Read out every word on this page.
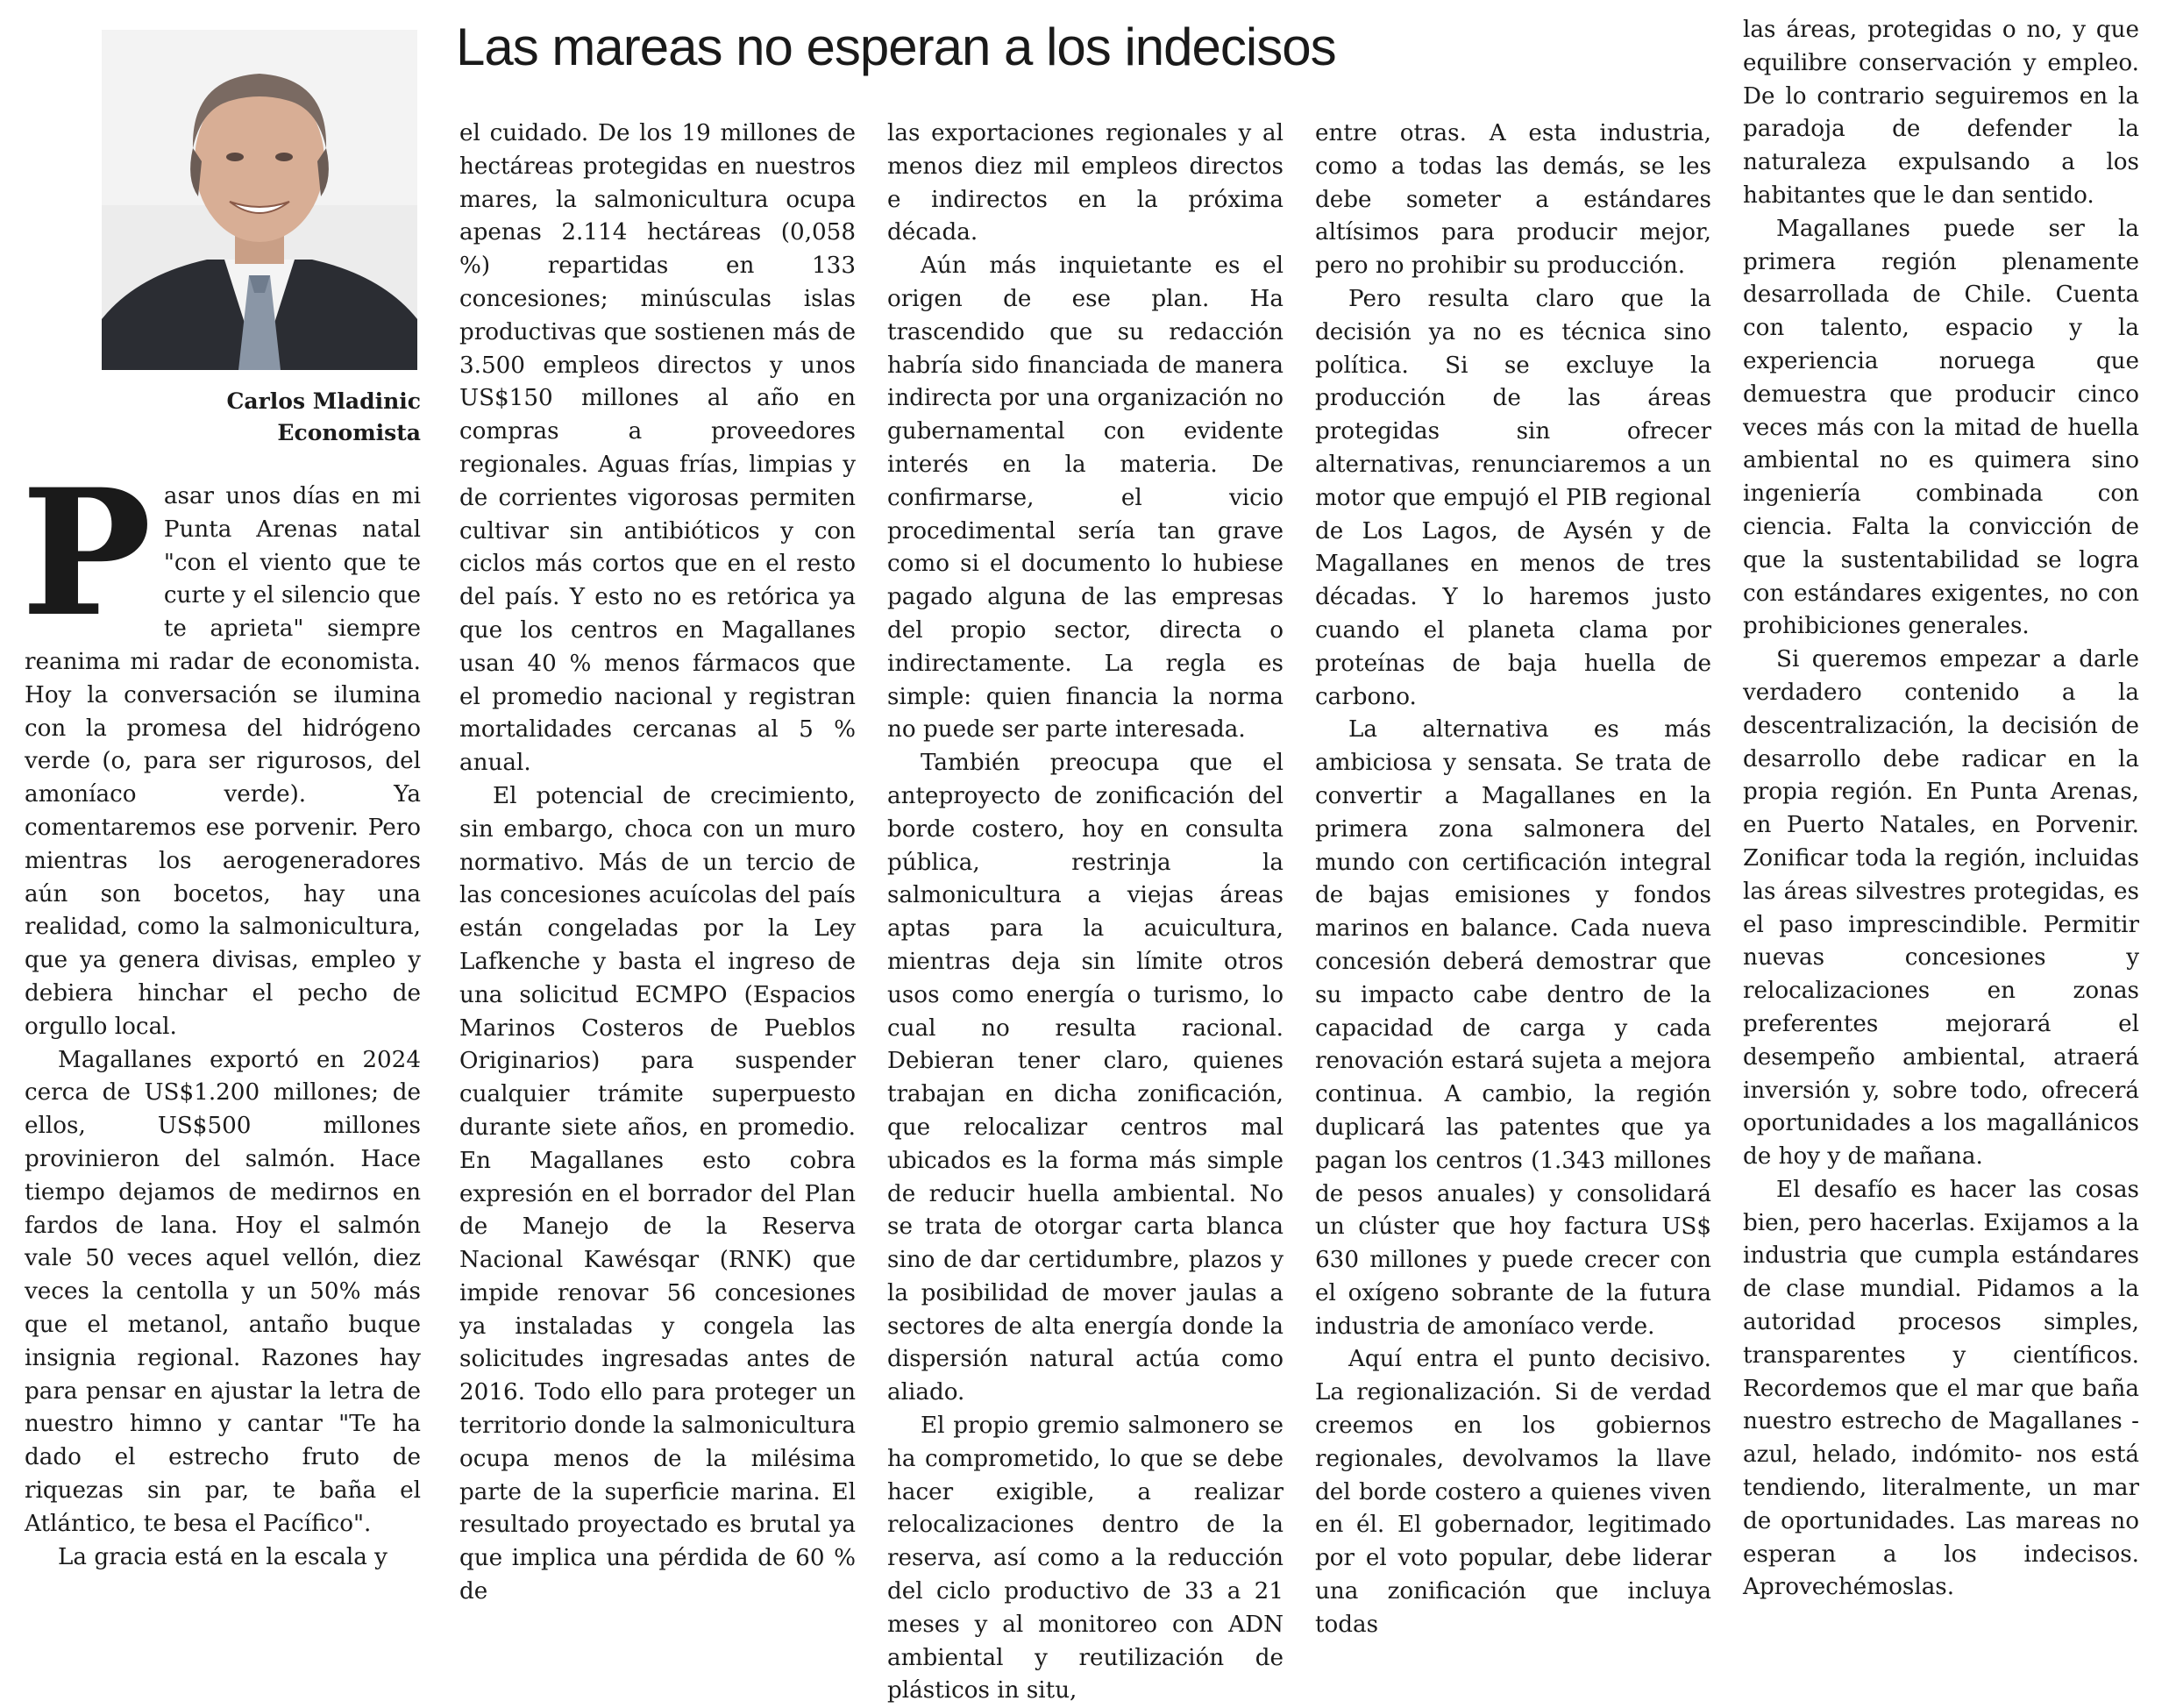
Las mareas no esperan a los indecisos
Carlos Mladinic
Economista

Pasar unos días en mi Punta Arenas natal "con el viento que te curte y el silencio que te aprieta" siempre reanima mi radar de economista. Hoy la conversación se ilumina con la promesa del hidrógeno verde (o, para ser rigurosos, del amoníaco verde). Ya comentaremos ese porvenir. Pero mientras los aerogeneradores aún son bocetos, hay una realidad, como la salmonicultura, que ya genera divisas, empleo y debiera hinchar el pecho de orgullo local.

Magallanes exportó en 2024 cerca de US$1.200 millones; de ellos, US$500 millones provinieron del salmón. Hace tiempo dejamos de medirnos en fardos de lana. Hoy el salmón vale 50 veces aquel vellón, diez veces la centolla y un 50% más que el metanol, antaño buque insignia regional. Razones hay para pensar en ajustar la letra de nuestro himno y cantar "Te ha dado el estrecho fruto de riquezas sin par, te baña el Atlántico, te besa el Pacífico".

La gracia está en la escala y

el cuidado. De los 19 millones de hectáreas protegidas en nuestros mares, la salmonicultura ocupa apenas 2.114 hectáreas (0,058 %) repartidas en 133 concesiones; minúsculas islas productivas que sostienen más de 3.500 empleos directos y unos US$150 millones al año en compras a proveedores regionales. Aguas frías, limpias y de corrientes vigorosas permiten cultivar sin antibióticos y con ciclos más cortos que en el resto del país. Y esto no es retórica ya que los centros en Magallanes usan 40 % menos fármacos que el promedio nacional y registran mortalidades cercanas al 5 % anual.

El potencial de crecimiento, sin embargo, choca con un muro normativo. Más de un tercio de las concesiones acuícolas del país están congeladas por la Ley Lafkenche y basta el ingreso de una solicitud ECMPO (Espacios Marinos Costeros de Pueblos Originarios) para suspender cualquier trámite superpuesto durante siete años, en promedio. En Magallanes esto cobra expresión en el borrador del Plan de Manejo de la Reserva Nacional Kawésqar (RNK) que impide renovar 56 concesiones ya instaladas y congela las solicitudes ingresadas antes de 2016. Todo ello para proteger un territorio donde la salmonicultura ocupa menos de la milésima parte de la superficie marina. El resultado proyectado es brutal ya que implica una pérdida de 60 % de

las exportaciones regionales y al menos diez mil empleos directos e indirectos en la próxima década.

Aún más inquietante es el origen de ese plan. Ha trascendido que su redacción habría sido financiada de manera indirecta por una organización no gubernamental con evidente interés en la materia. De confirmarse, el vicio procedimental sería tan grave como si el documento lo hubiese pagado alguna de las empresas del propio sector, directa o indirectamente. La regla es simple: quien financia la norma no puede ser parte interesada.

También preocupa que el anteproyecto de zonificación del borde costero, hoy en consulta pública, restrinja la salmonicultura a viejas áreas aptas para la acuicultura, mientras deja sin límite otros usos como energía o turismo, lo cual no resulta racional. Debieran tener claro, quienes trabajan en dicha zonificación, que relocalizar centros mal ubicados es la forma más simple de reducir huella ambiental. No se trata de otorgar carta blanca sino de dar certidumbre, plazos y la posibilidad de mover jaulas a sectores de alta energía donde la dispersión natural actúa como aliado.

El propio gremio salmonero se ha comprometido, lo que se debe hacer exigible, a realizar relocalizaciones dentro de la reserva, así como a la reducción del ciclo productivo de 33 a 21 meses y al monitoreo con ADN ambiental y reutilización de plásticos in situ,

entre otras. A esta industria, como a todas las demás, se les debe someter a estándares altísimos para producir mejor, pero no prohibir su producción.

Pero resulta claro que la decisión ya no es técnica sino política. Si se excluye la producción de las áreas protegidas sin ofrecer alternativas, renunciaremos a un motor que empujó el PIB regional de Los Lagos, de Aysén y de Magallanes en menos de tres décadas. Y lo haremos justo cuando el planeta clama por proteínas de baja huella de carbono.

La alternativa es más ambiciosa y sensata. Se trata de convertir a Magallanes en la primera zona salmonera del mundo con certificación integral de bajas emisiones y fondos marinos en balance. Cada nueva concesión deberá demostrar que su impacto cabe dentro de la capacidad de carga y cada renovación estará sujeta a mejora continua. A cambio, la región duplicará las patentes que ya pagan los centros (1.343 millones de pesos anuales) y consolidará un clúster que hoy factura US$ 630 millones y puede crecer con el oxígeno sobrante de la futura industria de amoníaco verde.

Aquí entra el punto decisivo. La regionalización. Si de verdad creemos en los gobiernos regionales, devolvamos la llave del borde costero a quienes viven en él. El gobernador, legitimado por el voto popular, debe liderar una zonificación que incluya todas

las áreas, protegidas o no, y que equilibre conservación y empleo. De lo contrario seguiremos en la paradoja de defender la naturaleza expulsando a los habitantes que le dan sentido.

Magallanes puede ser la primera región plenamente desarrollada de Chile. Cuenta con talento, espacio y la experiencia noruega que demuestra que producir cinco veces más con la mitad de huella ambiental no es quimera sino ingeniería combinada con ciencia. Falta la convicción de que la sustentabilidad se logra con estándares exigentes, no con prohibiciones generales.

Si queremos empezar a darle verdadero contenido a la descentralización, la decisión de desarrollo debe radicar en la propia región. En Punta Arenas, en Puerto Natales, en Porvenir. Zonificar toda la región, incluidas las áreas silvestres protegidas, es el paso imprescindible. Permitir nuevas concesiones y relocalizaciones en zonas preferentes mejorará el desempeño ambiental, atraerá inversión y, sobre todo, ofrecerá oportunidades a los magallánicos de hoy y de mañana.

El desafío es hacer las cosas bien, pero hacerlas. Exijamos a la industria que cumpla estándares de clase mundial. Pidamos a la autoridad procesos simples, transparentes y científicos. Recordemos que el mar que baña nuestro estrecho de Magallanes -azul, helado, indómito- nos está tendiendo, literalmente, un mar de oportunidades. Las mareas no esperan a los indecisos. Aprovechémoslas.
